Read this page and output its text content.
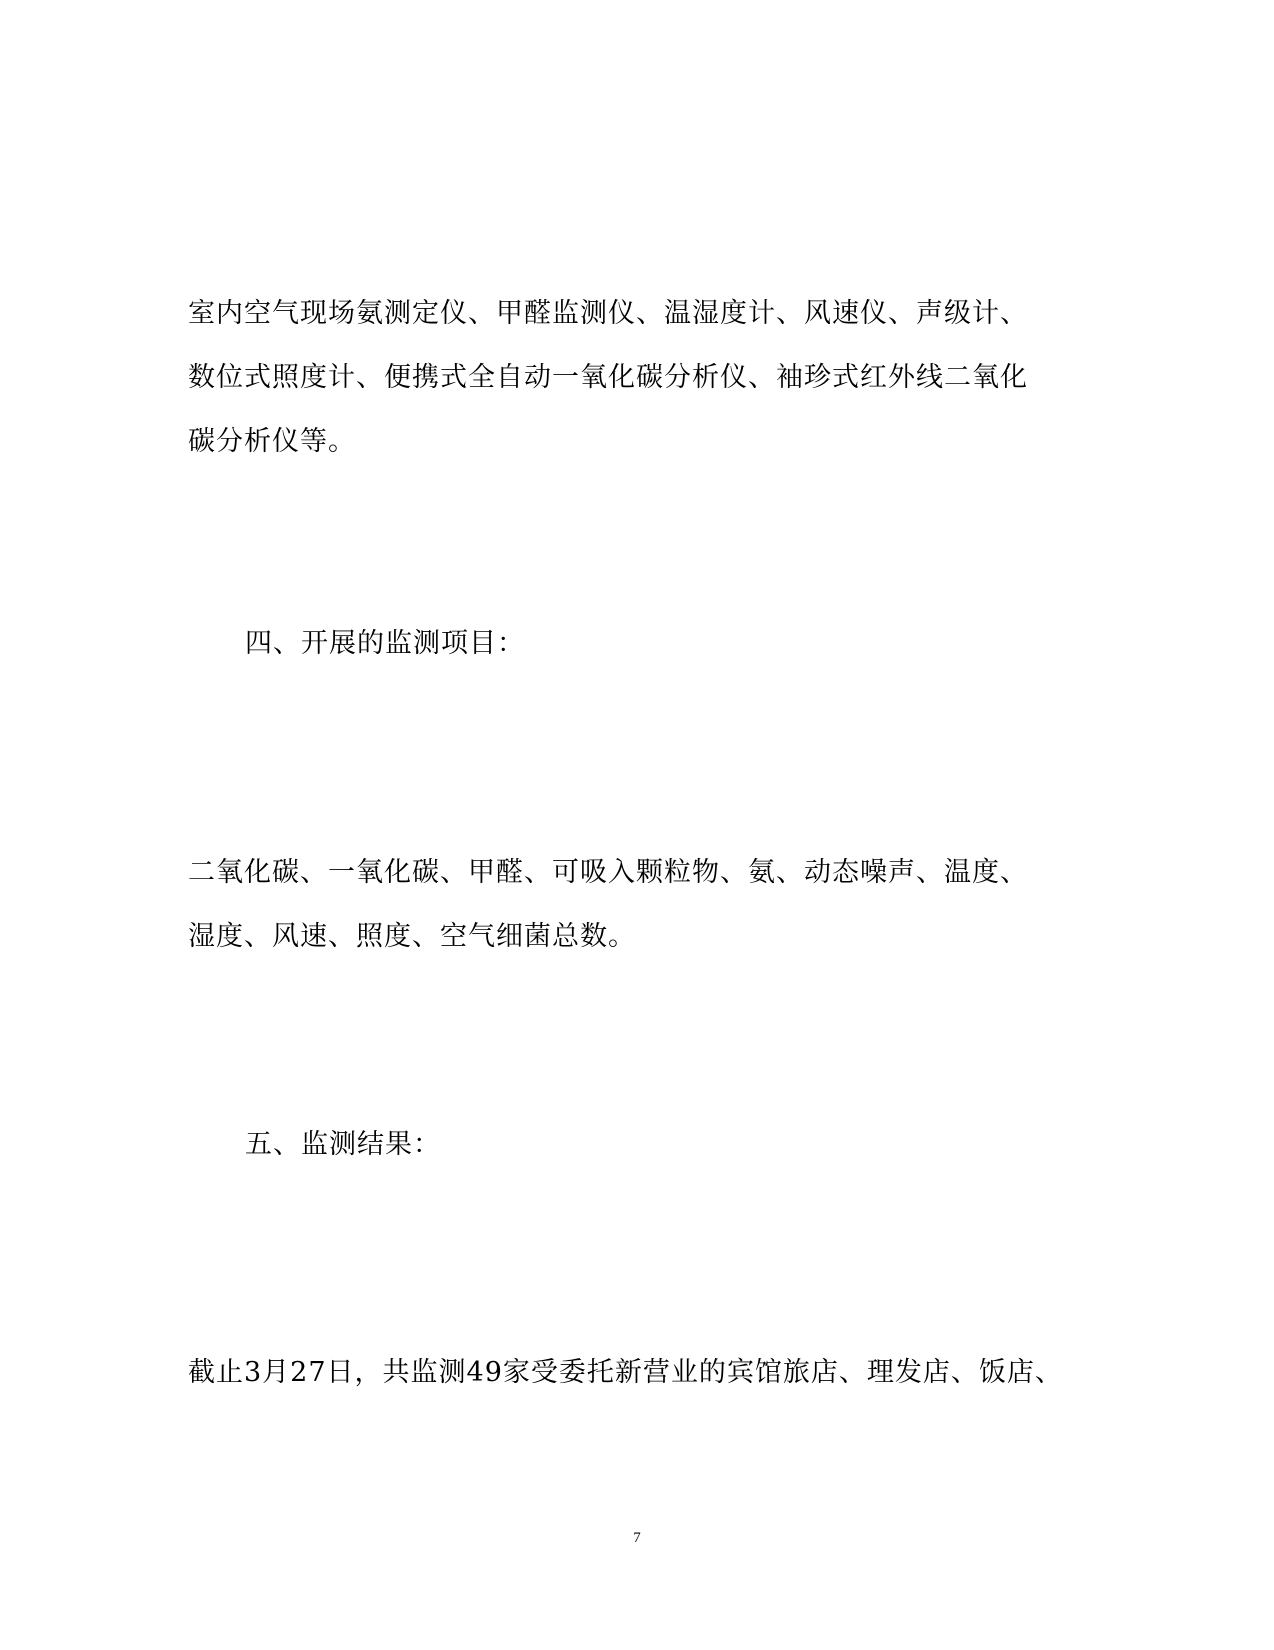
室内空气现场氨测定仪、甲醛监测仪、温湿度计、风速仪、声级计、
数位式照度计、便携式全自动一氧化碳分析仪、袖珍式红外线二氧化
碳分析仪等。
四、开展的监测项目：
二氧化碳、一氧化碳、甲醛、可吸入颗粒物、氨、动态噪声、温度、
湿度、风速、照度、空气细菌总数。
五、监测结果：
截止3月27日，共监测49家受委托新营业的宾馆旅店、理发店、饭店、
7
